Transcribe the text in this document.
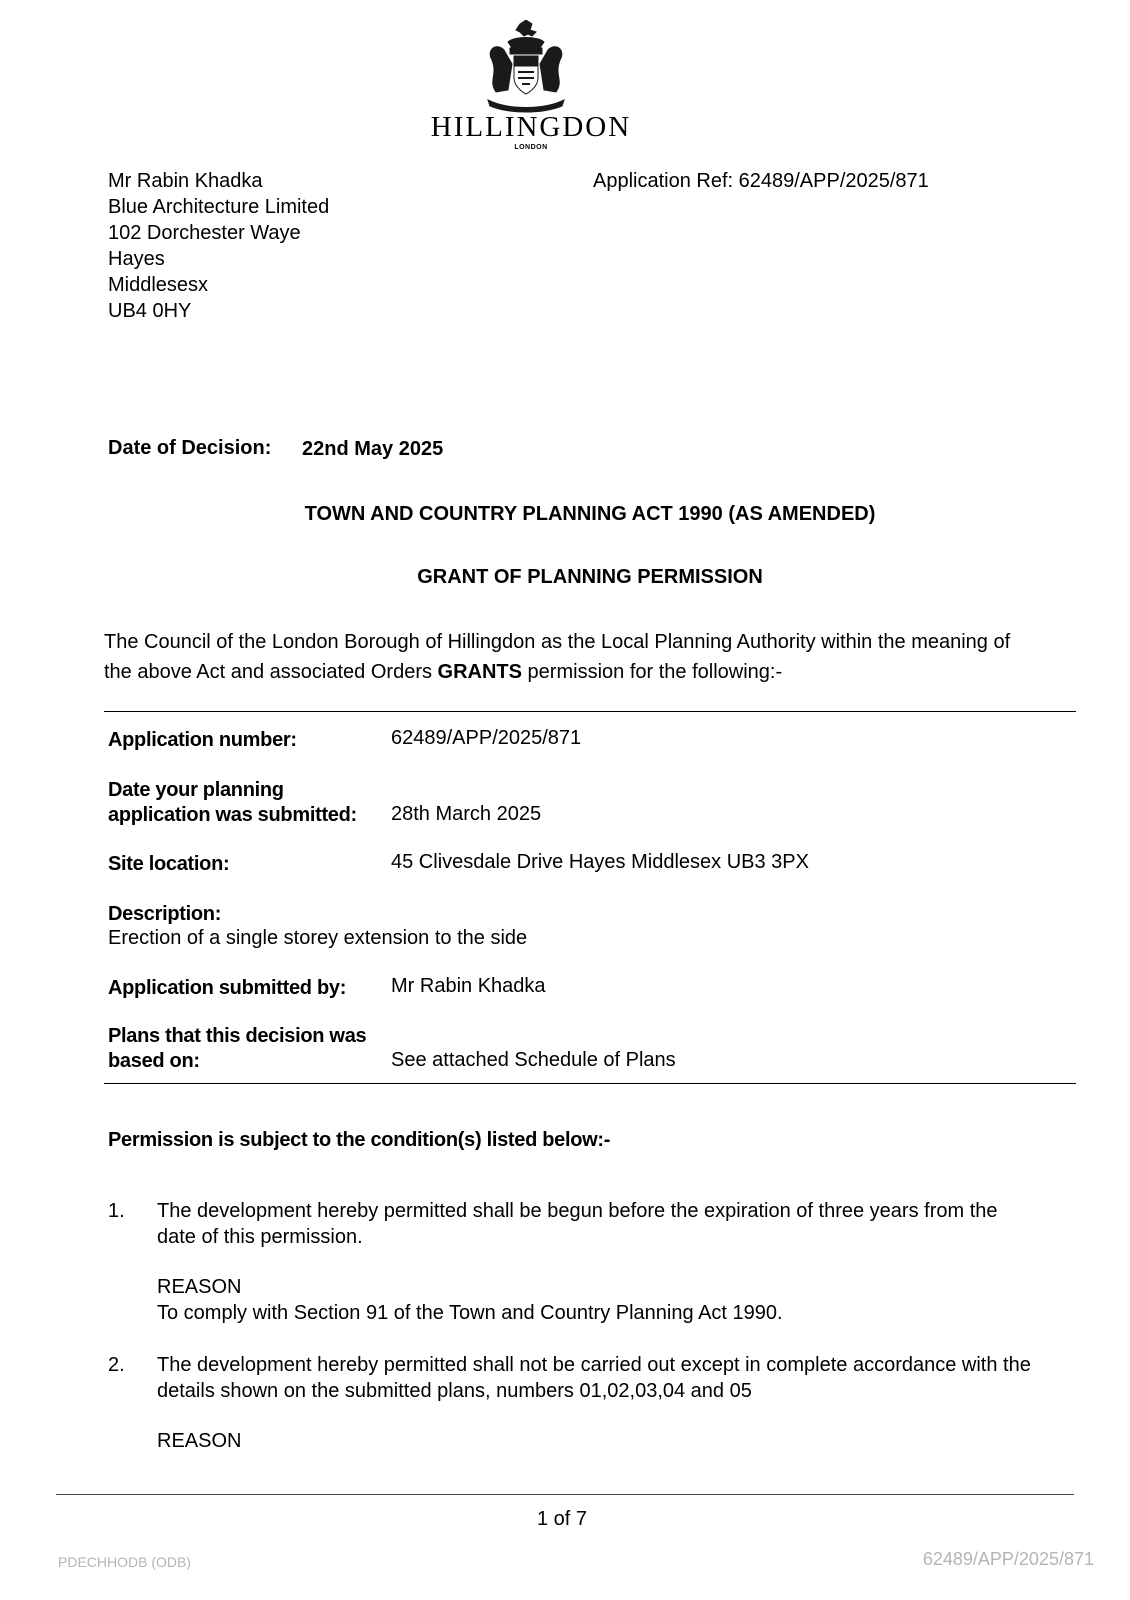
HILLINGDON
LONDON
Mr Rabin Khadka
Blue Architecture Limited
102 Dorchester Waye
Hayes
Middlesesx
UB4 0HY
Application Ref: 62489/APP/2025/871
Date of Decision: 22nd May 2025
TOWN AND COUNTRY PLANNING ACT 1990 (AS AMENDED)
GRANT OF PLANNING PERMISSION
The Council of the London Borough of Hillingdon as the Local Planning Authority within the meaning of
the above Act and associated Orders GRANTS permission for the following:-
Application number:	62489/APP/2025/871
Date your planning
application was submitted: 28th March 2025
Site location:	45 Clivesdale Drive Hayes Middlesex UB3 3PX
Description:
Erection of a single storey extension to the side
Application submitted by: Mr Rabin Khadka
Plans that this decision was
based on:	See attached Schedule of Plans
Permission is subject to the condition(s) listed below:-
1. The development hereby permitted shall be begun before the expiration of three years from the
date of this permission.
REASON
To comply with Section 91 of the Town and Country Planning Act 1990.
2. The development hereby permitted shall not be carried out except in complete accordance with the
details shown on the submitted plans, numbers 01,02,03,04 and 05
REASON
1 of 7
PDECHHODB (ODB)	62489/APP/2025/871
